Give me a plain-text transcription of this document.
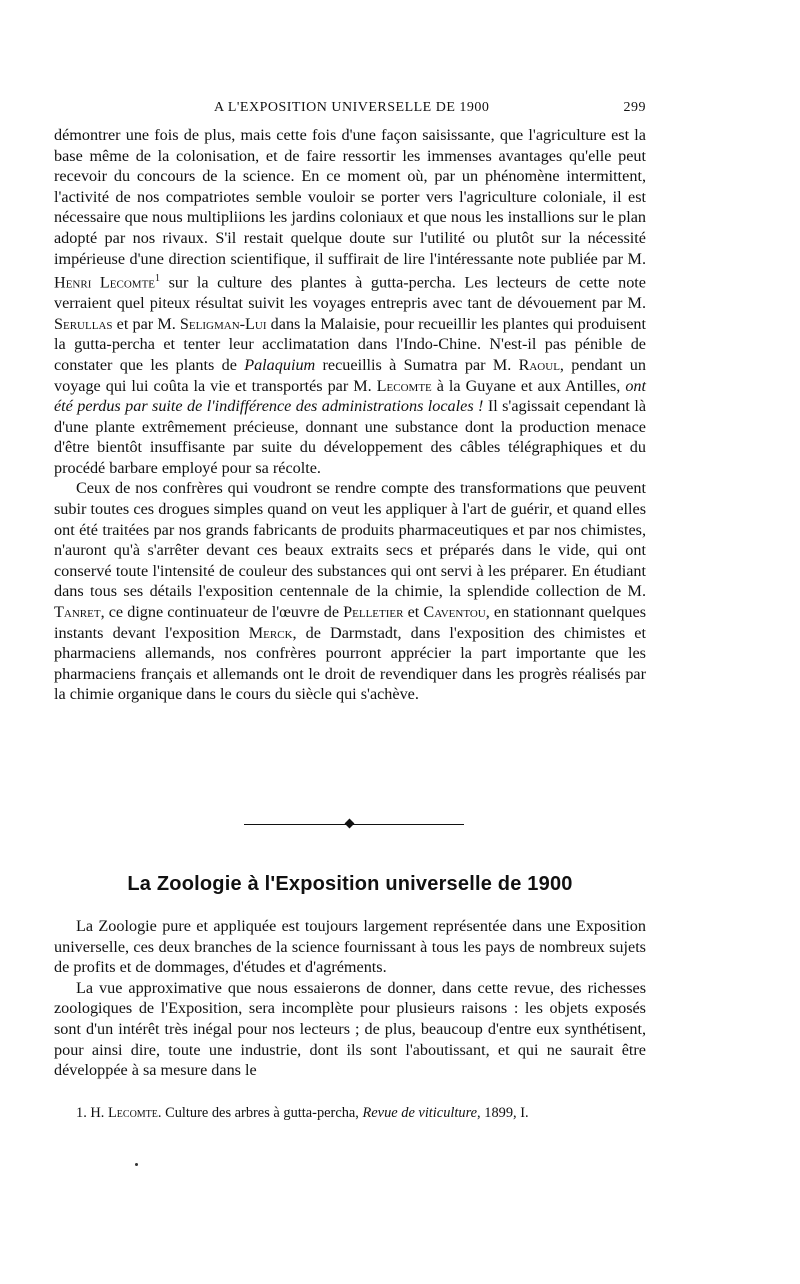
A L'EXPOSITION UNIVERSELLE DE 1900	299

démontrer une fois de plus, mais cette fois d'une façon saisissante, que l'agriculture est la base même de la colonisation, et de faire ressortir les immenses avantages qu'elle peut recevoir du concours de la science. En ce moment où, par un phénomène intermittent, l'activité de nos compatriotes semble vouloir se porter vers l'agriculture coloniale, il est nécessaire que nous multipliions les jardins coloniaux et que nous les installions sur le plan adopté par nos rivaux. S'il restait quelque doute sur l'utilité ou plutôt sur la nécessité impérieuse d'une direction scientifique, il suffirait de lire l'intéressante note publiée par M. Henri Lecomte$^1$ sur la culture des plantes à gutta-percha. Les lecteurs de cette note verraient quel piteux résultat suivit les voyages entrepris avec tant de dévouement par M. Serullas et par M. Seligman-Lui dans la Malaisie, pour recueillir les plantes qui produisent la gutta-percha et tenter leur acclimatation dans l'Indo-Chine. N'est-il pas pénible de constater que les plants de Palaquium recueillis à Sumatra par M. Raoul, pendant un voyage qui lui coûta la vie et transportés par M. Lecomte à la Guyane et aux Antilles, ont été perdus par suite de l'indifférence des administrations locales ! Il s'agissait cependant là d'une plante extrêmement précieuse, donnant une substance dont la production menace d'être bientôt insuffisante par suite du développement des câbles télégraphiques et du procédé barbare employé pour sa récolte.

Ceux de nos confrères qui voudront se rendre compte des transformations que peuvent subir toutes ces drogues simples quand on veut les appliquer à l'art de guérir, et quand elles ont été traitées par nos grands fabricants de produits pharmaceutiques et par nos chimistes, n'auront qu'à s'arrêter devant ces beaux extraits secs et préparés dans le vide, qui ont conservé toute l'intensité de couleur des substances qui ont servi à les préparer. En étudiant dans tous ses détails l'exposition centennale de la chimie, la splendide collection de M. Tanret, ce digne continuateur de l'œuvre de Pelletier et Caventou, en stationnant quelques instants devant l'exposition Merck, de Darmstadt, dans l'exposition des chimistes et pharmaciens allemands, nos confrères pourront apprécier la part importante que les pharmaciens français et allemands ont le droit de revendiquer dans les progrès réalisés par la chimie organique dans le cours du siècle qui s'achève.

La Zoologie à l'Exposition universelle de 1900

La Zoologie pure et appliquée est toujours largement représentée dans une Exposition universelle, ces deux branches de la science fournissant à tous les pays de nombreux sujets de profits et de dommages, d'études et d'agréments.

La vue approximative que nous essaierons de donner, dans cette revue, des richesses zoologiques de l'Exposition, sera incomplète pour plusieurs raisons : les objets exposés sont d'un intérêt très inégal pour nos lecteurs ; de plus, beaucoup d'entre eux synthétisent, pour ainsi dire, toute une industrie, dont ils sont l'aboutissant, et qui ne saurait être développée à sa mesure dans le

1. H. Lecomte. Culture des arbres à gutta-percha, Revue de viticulture, 1899, I.
